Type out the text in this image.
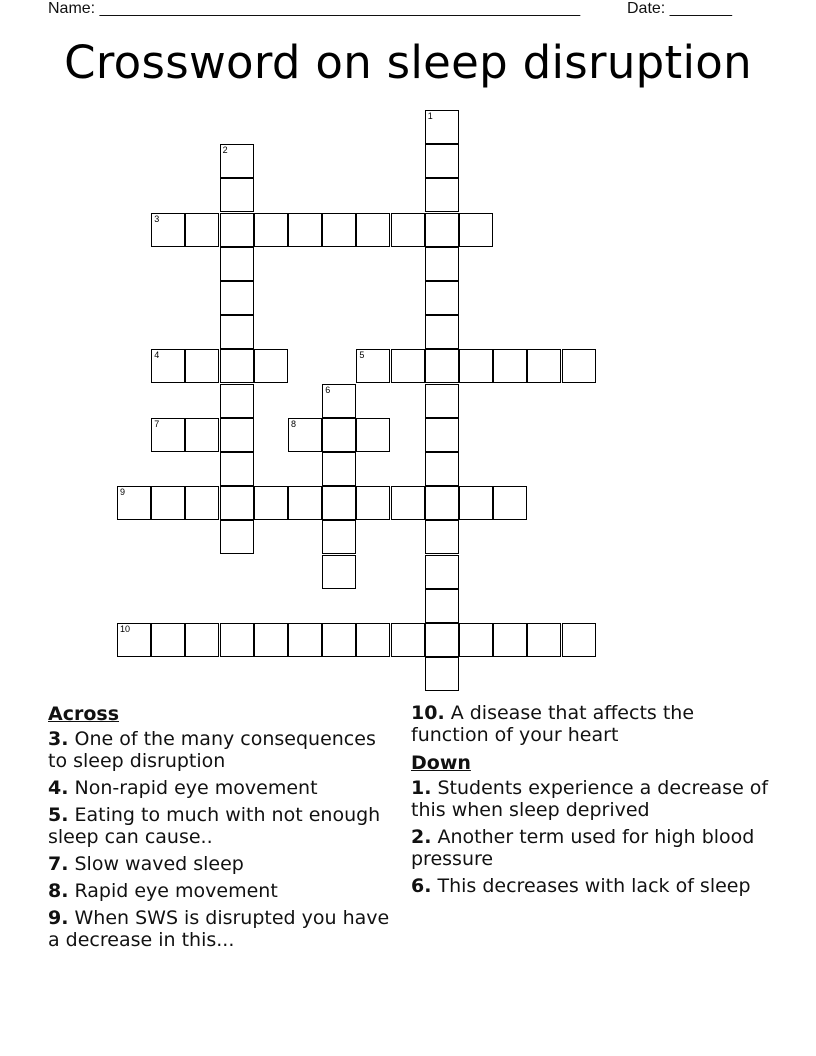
Name: ______________________________________________________	Date: _______
Crossword on sleep disruption
1
2
3
4	5
6
7	8
9
10
Across
3. One of the many consequences to sleep disruption
4. Non-rapid eye movement
5. Eating to much with not enough sleep can cause..
7. Slow waved sleep
8. Rapid eye movement
9. When SWS is disrupted you have a decrease in this...
10. A disease that affects the function of your heart
Down
1. Students experience a decrease of this when sleep deprived
2. Another term used for high blood pressure
6. This decreases with lack of sleep
